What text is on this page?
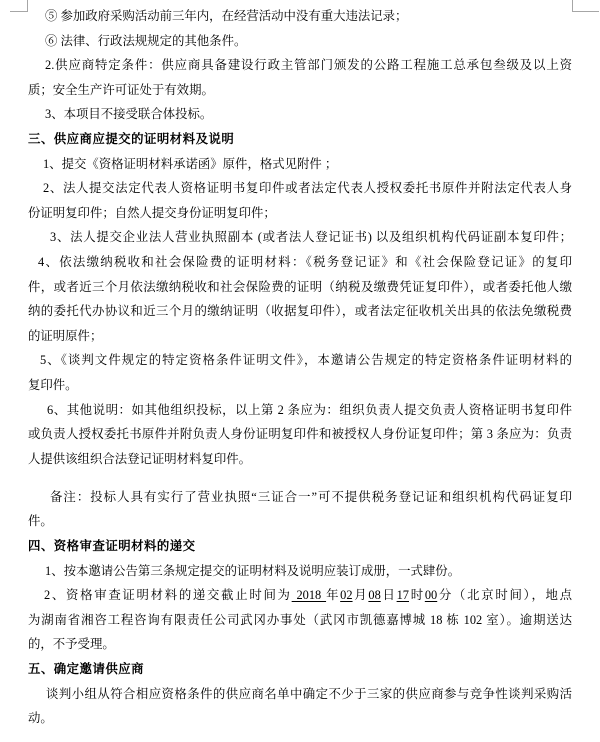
⑤ 参加政府采购活动前三年内，在经营活动中没有重大违法记录；
⑥ 法律、行政法规规定的其他条件。
2.供应商特定条件：供应商具备建设行政主管部门颁发的公路工程施工总承包叁级及以上资
质；安全生产许可证处于有效期。
3、本项目不接受联合体投标。
三、供应商应提交的证明材料及说明
1、提交《资格证明材料承诺函》原件，格式见附件 ；
2、法人提交法定代表人资格证明书复印件或者法定代表人授权委托书原件并附法定代表人身
份证明复印件；自然人提交身份证明复印件；
3、法人提交企业法人营业执照副本 (或者法人登记证书) 以及组织机构代码证副本复印件；
4、依法缴纳税收和社会保险费的证明材料：《税务登记证》和《社会保险登记证》的复印
件，或者近三个月依法缴纳税收和社会保险费的证明（纳税及缴费凭证复印件），或者委托他人缴
纳的委托代办协议和近三个月的缴纳证明（收据复印件），或者法定征收机关出具的依法免缴税费
的证明原件；
5、《谈判文件规定的特定资格条件证明文件》，本邀请公告规定的特定资格条件证明材料的
复印件。
6、其他说明：如其他组织投标，以上第 2 条应为：组织负责人提交负责人资格证明书复印件
或负责人授权委托书原件并附负责人身份证明复印件和被授权人身份证复印件；第 3 条应为：负责
人提供该组织合法登记证明材料复印件。
备注：投标人具有实行了营业执照“三证合一”可不提供税务登记证和组织机构代码证复印
件。
四、资格审查证明材料的递交
1、按本邀请公告第三条规定提交的证明材料及说明应装订成册，一式肆份。
2、资格审查证明材料的递交截止时间为 2018 年02月08日17时00分（北京时间），地点
为湖南省湘咨工程咨询有限责任公司武冈办事处（武冈市凯德嘉博城 18 栋 102 室）。逾期送达
的，不予受理。
五、确定邀请供应商
谈判小组从符合相应资格条件的供应商名单中确定不少于三家的供应商参与竞争性谈判采购活
动。
